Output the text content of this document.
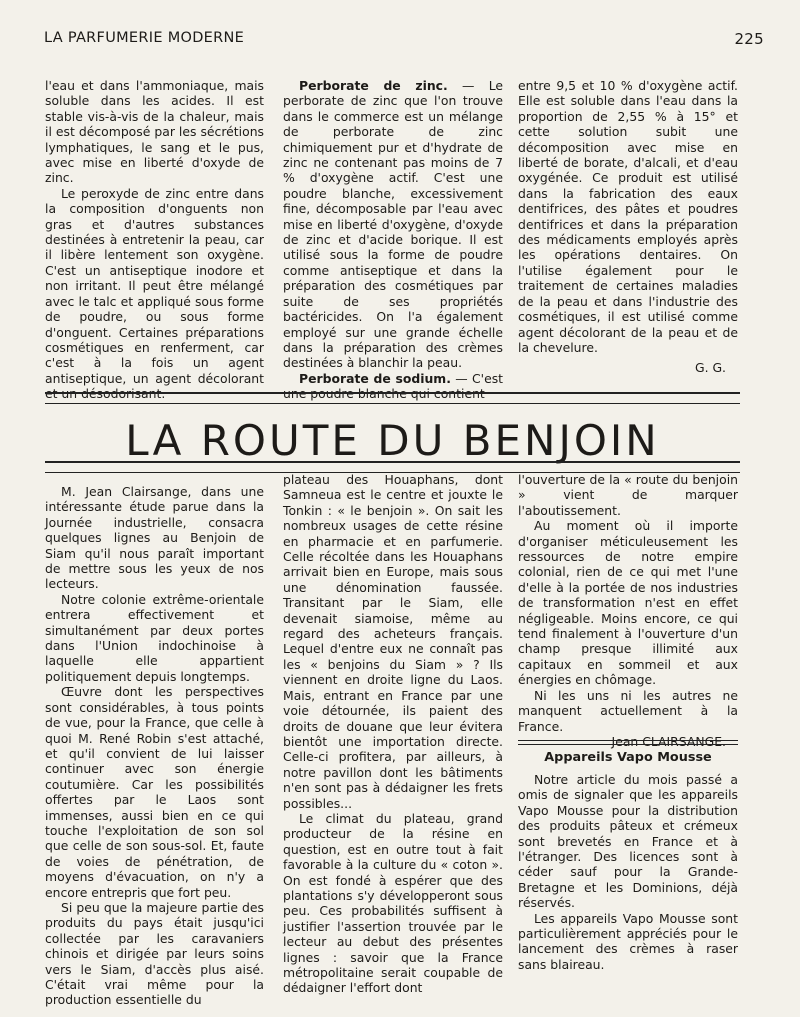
LA PARFUMERIE MODERNE	225

l'eau et dans l'ammoniaque, mais soluble dans les acides. Il est stable vis-à-vis de la chaleur, mais il est décomposé par les sécrétions lymphatiques, le sang et le pus, avec mise en liberté d'oxyde de zinc.

Le peroxyde de zinc entre dans la composition d'onguents non gras et d'autres substances destinées à entretenir la peau, car il libère lentement son oxygène. C'est un antiseptique inodore et non irritant. Il peut être mélangé avec le talc et appliqué sous forme de poudre, ou sous forme d'onguent. Certaines préparations cosmétiques en renferment, car c'est à la fois un agent antiseptique, un agent décolorant et un désodorisant.

Perborate de zinc. — Le perborate de zinc que l'on trouve dans le commerce est un mélange de perborate de zinc chimiquement pur et d'hydrate de zinc ne contenant pas moins de 7 % d'oxygène actif. C'est une poudre blanche, excessivement fine, décomposable par l'eau avec mise en liberté d'oxygène, d'oxyde de zinc et d'acide borique. Il est utilisé sous la forme de poudre comme antiseptique et dans la préparation des cosmétiques par suite de ses propriétés bactéricides. On l'a également employé sur une grande échelle dans la préparation des crèmes destinées à blanchir la peau.

Perborate de sodium. — C'est une poudre blanche qui contient

entre 9,5 et 10 % d'oxygène actif. Elle est soluble dans l'eau dans la proportion de 2,55 % à 15° et cette solution subit une décomposition avec mise en liberté de borate, d'alcali, et d'eau oxygénée. Ce produit est utilisé dans la fabrication des eaux dentifrices, des pâtes et poudres dentifrices et dans la préparation des médicaments employés après les opérations dentaires. On l'utilise également pour le traitement de certaines maladies de la peau et dans l'industrie des cosmétiques, il est utilisé comme agent décolorant de la peau et de la chevelure.

G. G.

LA ROUTE DU BENJOIN

M. Jean Clairsange, dans une intéressante étude parue dans la Journée industrielle, consacra quelques lignes au Benjoin de Siam qu'il nous paraît important de mettre sous les yeux de nos lecteurs.

Notre colonie extrême-orientale entrera effectivement et simultanément par deux portes dans l'Union indochinoise à laquelle elle appartient politiquement depuis longtemps.

Œuvre dont les perspectives sont considérables, à tous points de vue, pour la France, que celle à quoi M. René Robin s'est attaché, et qu'il convient de lui laisser continuer avec son énergie coutumière. Car les possibilités offertes par le Laos sont immenses, aussi bien en ce qui touche l'exploitation de son sol que celle de son sous-sol. Et, faute de voies de pénétration, de moyens d'évacuation, on n'y a encore entrepris que fort peu.

Si peu que la majeure partie des produits du pays était jusqu'ici collectée par les caravaniers chinois et dirigée par leurs soins vers le Siam, d'accès plus aisé. C'était vrai même pour la production essentielle du

plateau des Houaphans, dont Samneua est le centre et jouxte le Tonkin : « le benjoin ». On sait les nombreux usages de cette résine en pharmacie et en parfumerie. Celle récoltée dans les Houaphans arrivait bien en Europe, mais sous une dénomination faussée. Transitant par le Siam, elle devenait siamoise, même au regard des acheteurs français. Lequel d'entre eux ne connaît pas les « benjoins du Siam » ? Ils viennent en droite ligne du Laos. Mais, entrant en France par une voie détournée, ils paient des droits de douane que leur évitera bientôt une importation directe. Celle-ci profitera, par ailleurs, à notre pavillon dont les bâtiments n'en sont pas à dédaigner les frets possibles...

Le climat du plateau, grand producteur de la résine en question, est en outre tout à fait favorable à la culture du « coton ». On est fondé à espérer que des plantations s'y développeront sous peu. Ces probabilités suffisent à justifier l'assertion trouvée par le lecteur au debut des présentes lignes : savoir que la France métropolitaine serait coupable de dédaigner l'effort dont

l'ouverture de la « route du benjoin » vient de marquer l'aboutissement.

Au moment où il importe d'organiser méticuleusement les ressources de notre empire colonial, rien de ce qui met l'une d'elle à la portée de nos industries de transformation n'est en effet négligeable. Moins encore, ce qui tend finalement à l'ouverture d'un champ presque illimité aux capitaux en sommeil et aux énergies en chômage.

Ni les uns ni les autres ne manquent actuellement à la France.

Jean CLAIRSANGE.

Appareils Vapo Mousse

Notre article du mois passé a omis de signaler que les appareils Vapo Mousse pour la distribution des produits pâteux et crémeux sont brevetés en France et à l'étranger. Des licences sont à céder sauf pour la Grande-Bretagne et les Dominions, déjà réservés.

Les appareils Vapo Mousse sont particulièrement appréciés pour le lancement des crèmes à raser sans blaireau.
